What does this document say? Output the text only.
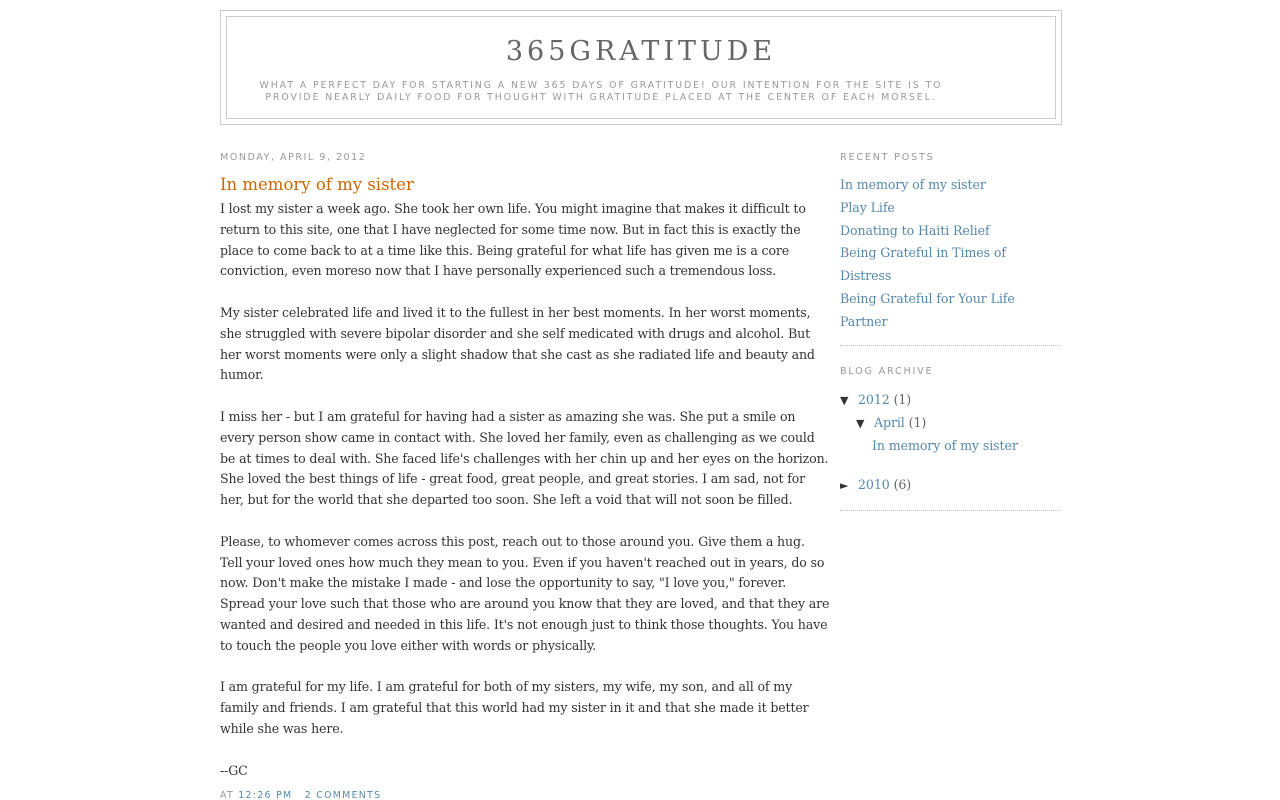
365GRATITUDE
WHAT A PERFECT DAY FOR STARTING A NEW 365 DAYS OF GRATITUDE! OUR INTENTION FOR THE SITE IS TO PROVIDE NEARLY DAILY FOOD FOR THOUGHT WITH GRATITUDE PLACED AT THE CENTER OF EACH MORSEL.
MONDAY, APRIL 9, 2012
In memory of my sister

I lost my sister a week ago. She took her own life. You might imagine that makes it difficult to return to this site, one that I have neglected for some time now. But in fact this is exactly the place to come back to at a time like this. Being grateful for what life has given me is a core conviction, even moreso now that I have personally experienced such a tremendous loss.

My sister celebrated life and lived it to the fullest in her best moments. In her worst moments, she struggled with severe bipolar disorder and she self medicated with drugs and alcohol. But her worst moments were only a slight shadow that she cast as she radiated life and beauty and humor.

I miss her - but I am grateful for having had a sister as amazing she was. She put a smile on every person show came in contact with. She loved her family, even as challenging as we could be at times to deal with. She faced life's challenges with her chin up and her eyes on the horizon. She loved the best things of life - great food, great people, and great stories. I am sad, not for her, but for the world that she departed too soon. She left a void that will not soon be filled.

Please, to whomever comes across this post, reach out to those around you. Give them a hug. Tell your loved ones how much they mean to you. Even if you haven't reached out in years, do so now. Don't make the mistake I made - and lose the opportunity to say, "I love you," forever. Spread your love such that those who are around you know that they are loved, and that they are wanted and desired and needed in this life. It's not enough just to think those thoughts. You have to touch the people you love either with words or physically.

I am grateful for my life. I am grateful for both of my sisters, my wife, my son, and all of my family and friends. I am grateful that this world had my sister in it and that she made it better while she was here.

--GC

AT 12:26 PM 2 COMMENTS
RECENT POSTS
In memory of my sister
Play Life
Donating to Haiti Relief
Being Grateful in Times of Distress
Being Grateful for Your Life Partner
BLOG ARCHIVE
▼ 2012 (1)
▼ April (1)
In memory of my sister
► 2010 (6)
